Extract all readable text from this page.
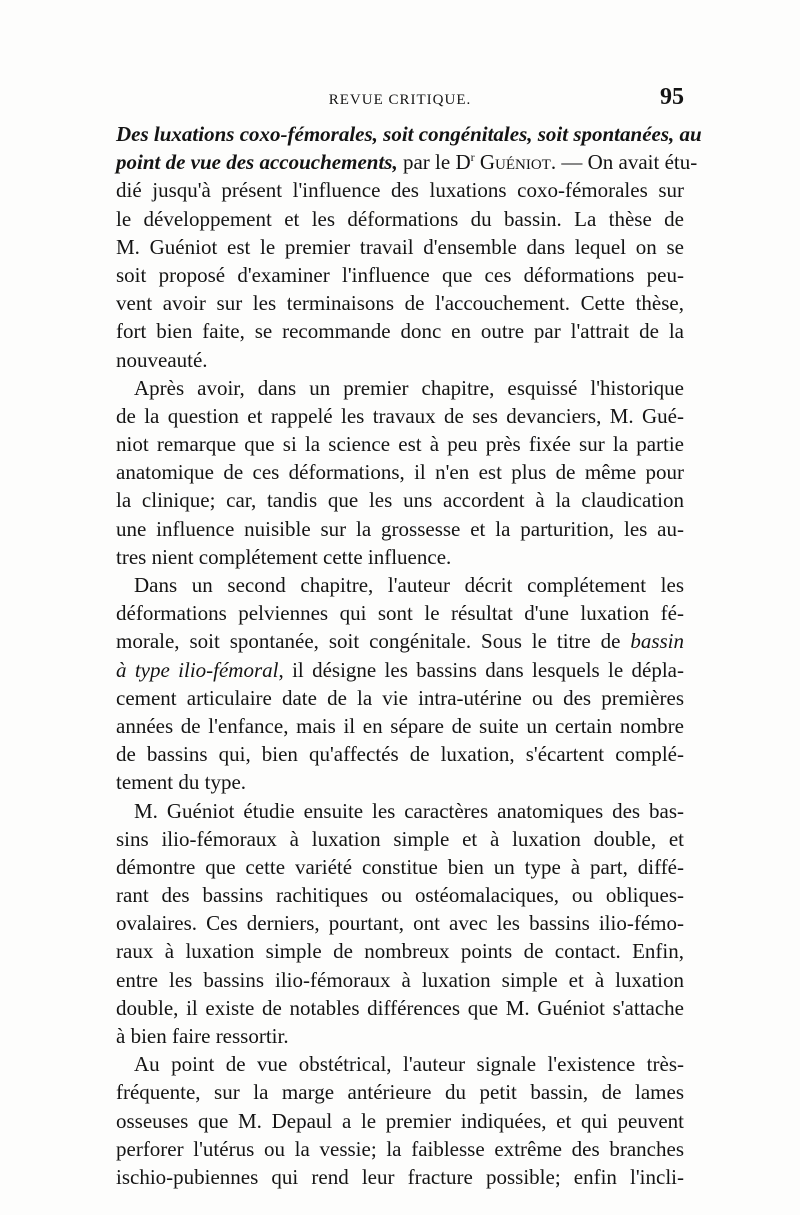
REVUE CRITIQUE.	95
Des luxations coxo-fémorales, soit congénitales, soit spontanées, au
point de vue des accouchements, par le $D^r$ Guéniot. — On avait étu-
dié jusqu'à présent l'influence des luxations coxo-fémorales sur
le développement et les déformations du bassin. La thèse de
M. Guéniot est le premier travail d'ensemble dans lequel on se
soit proposé d'examiner l'influence que ces déformations peu-
vent avoir sur les terminaisons de l'accouchement. Cette thèse,
fort bien faite, se recommande donc en outre par l'attrait de la
nouveauté.
Après avoir, dans un premier chapitre, esquissé l'historique
de la question et rappelé les travaux de ses devanciers, M. Gué-
niot remarque que si la science est à peu près fixée sur la partie
anatomique de ces déformations, il n'en est plus de même pour
la clinique; car, tandis que les uns accordent à la claudication
une influence nuisible sur la grossesse et la parturition, les au-
tres nient complétement cette influence.
Dans un second chapitre, l'auteur décrit complétement les
déformations pelviennes qui sont le résultat d'une luxation fé-
morale, soit spontanée, soit congénitale. Sous le titre de bassin
à type ilio-fémoral, il désigne les bassins dans lesquels le dépla-
cement articulaire date de la vie intra-utérine ou des premières
années de l'enfance, mais il en sépare de suite un certain nombre
de bassins qui, bien qu'affectés de luxation, s'écartent complé-
tement du type.
M. Guéniot étudie ensuite les caractères anatomiques des bas-
sins ilio-fémoraux à luxation simple et à luxation double, et
démontre que cette variété constitue bien un type à part, diffé-
rant des bassins rachitiques ou ostéomalaciques, ou obliques-
ovalaires. Ces derniers, pourtant, ont avec les bassins ilio-fémo-
raux à luxation simple de nombreux points de contact. Enfin,
entre les bassins ilio-fémoraux à luxation simple et à luxation
double, il existe de notables différences que M. Guéniot s'attache
à bien faire ressortir.
Au point de vue obstétrical, l'auteur signale l'existence très-
fréquente, sur la marge antérieure du petit bassin, de lames
osseuses que M. Depaul a le premier indiquées, et qui peuvent
perforer l'utérus ou la vessie; la faiblesse extrême des branches
ischio-pubiennes qui rend leur fracture possible; enfin l'incli-
